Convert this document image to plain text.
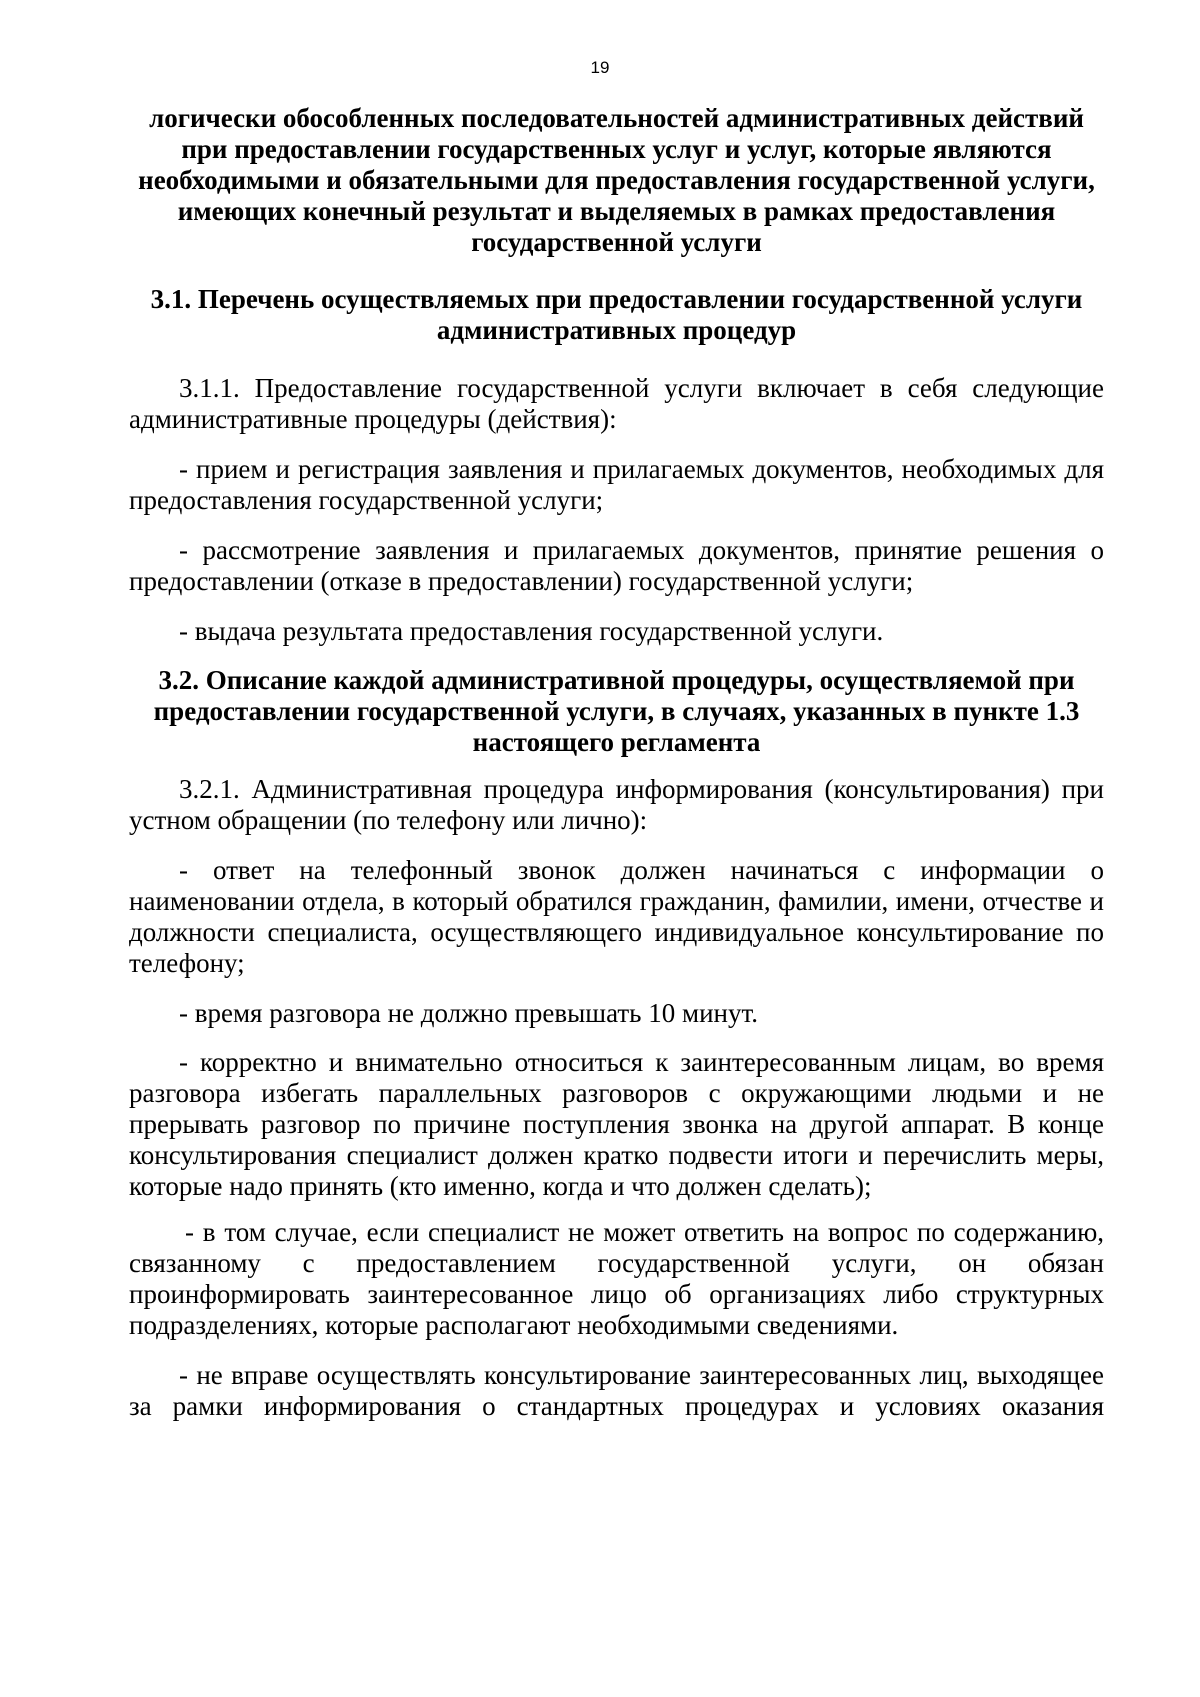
19
логически обособленных последовательностей административных действий при предоставлении государственных услуг и услуг, которые являются необходимыми и обязательными для предоставления государственной услуги, имеющих конечный результат и выделяемых в рамках предоставления государственной услуги
3.1. Перечень осуществляемых при предоставлении государственной услуги административных процедур
3.1.1. Предоставление государственной услуги включает в себя следующие административные процедуры (действия):
- прием и регистрация заявления и прилагаемых документов, необходимых для предоставления государственной услуги;
- рассмотрение заявления и прилагаемых документов, принятие решения о предоставлении (отказе в предоставлении) государственной услуги;
- выдача результата предоставления государственной услуги.
3.2. Описание каждой административной процедуры, осуществляемой при предоставлении государственной услуги, в случаях, указанных в пункте 1.3 настоящего регламента
3.2.1. Административная процедура информирования (консультирования) при устном обращении (по телефону или лично):
- ответ на телефонный звонок должен начинаться с информации о наименовании отдела, в который обратился гражданин, фамилии, имени, отчестве и должности специалиста, осуществляющего индивидуальное консультирование по телефону;
- время разговора не должно превышать 10 минут.
- корректно и внимательно относиться к заинтересованным лицам, во время разговора избегать параллельных разговоров с окружающими людьми и не прерывать разговор по причине поступления звонка на другой аппарат. В конце консультирования специалист должен кратко подвести итоги и перечислить меры, которые надо принять (кто именно, когда и что должен сделать);
- в том случае, если специалист не может ответить на вопрос по содержанию, связанному с предоставлением государственной услуги, он обязан проинформировать заинтересованное лицо об организациях либо структурных подразделениях, которые располагают необходимыми сведениями.
- не вправе осуществлять консультирование заинтересованных лиц, выходящее за рамки информирования о стандартных процедурах и условиях оказания
